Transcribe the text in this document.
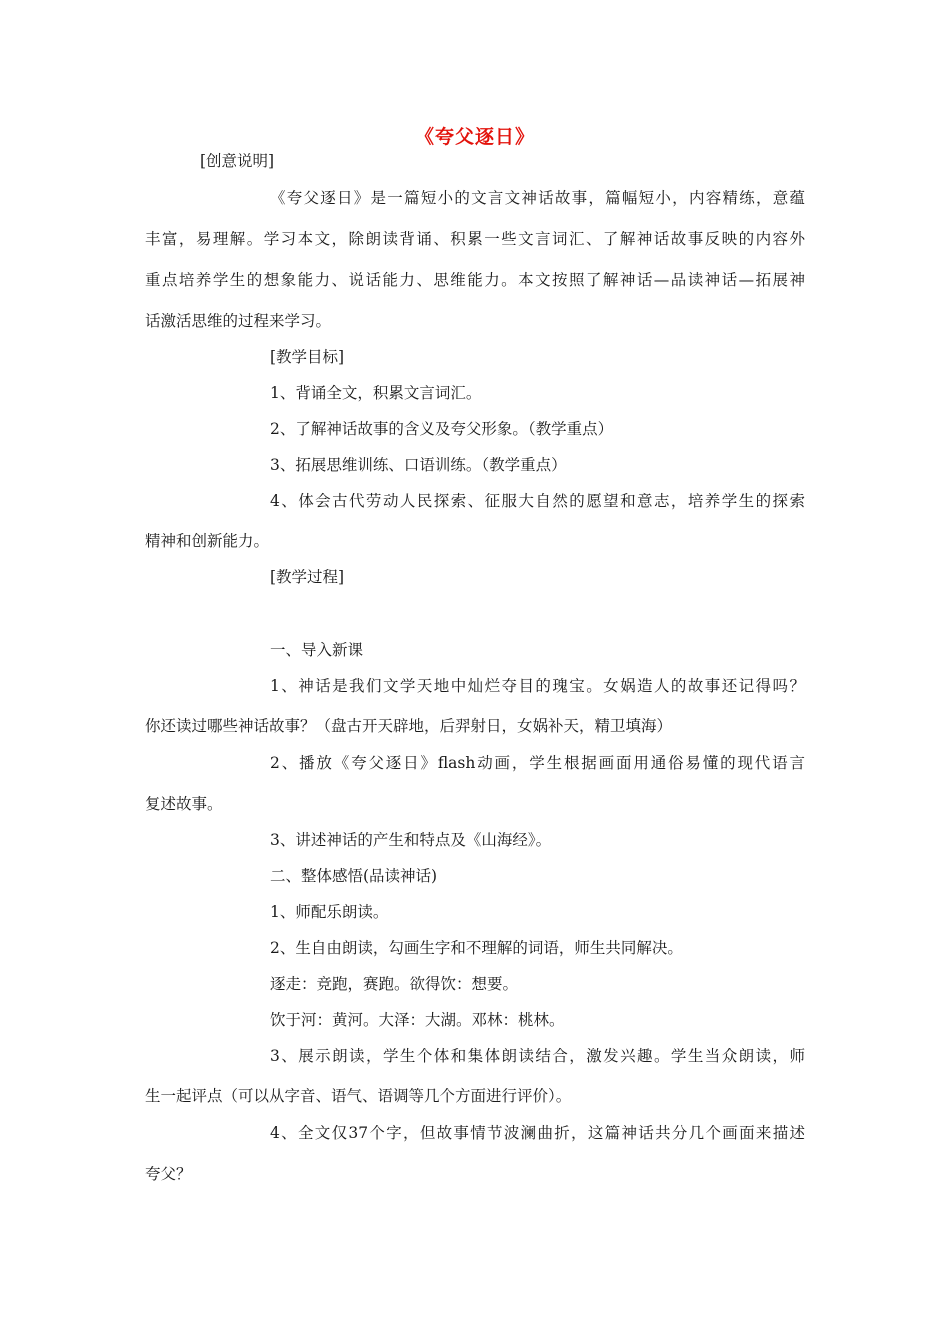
《夸父逐日》
[创意说明]
《夸父逐日》是一篇短小的文言文神话故事，篇幅短小，内容精练，意蕴
丰富，易理解。学习本文，除朗读背诵、积累一些文言词汇、了解神话故事反映的内容外
重点培养学生的想象能力、说话能力、思维能力。本文按照了解神话—品读神话—拓展神
话激活思维的过程来学习。
[教学目标]
1、背诵全文，积累文言词汇。
2、了解神话故事的含义及夸父形象。（教学重点）
3、拓展思维训练、口语训练。（教学重点）
4、体会古代劳动人民探索、征服大自然的愿望和意志，培养学生的探索
精神和创新能力。
[教学过程]
一、导入新课
1、神话是我们文学天地中灿烂夺目的瑰宝。女娲造人的故事还记得吗？
你还读过哪些神话故事？（盘古开天辟地，后羿射日，女娲补天，精卫填海）
2、播放《夸父逐日》flash动画，学生根据画面用通俗易懂的现代语言
复述故事。
3、讲述神话的产生和特点及《山海经》。
二、整体感悟(品读神话)
1、师配乐朗读。
2、生自由朗读，勾画生字和不理解的词语，师生共同解决。
逐走：竞跑，赛跑。欲得饮：想要。
饮于河：黄河。大泽：大湖。邓林：桃林。
3、展示朗读，学生个体和集体朗读结合，激发兴趣。学生当众朗读，师
生一起评点（可以从字音、语气、语调等几个方面进行评价）。
4、全文仅37个字，但故事情节波澜曲折，这篇神话共分几个画面来描述
夸父？
